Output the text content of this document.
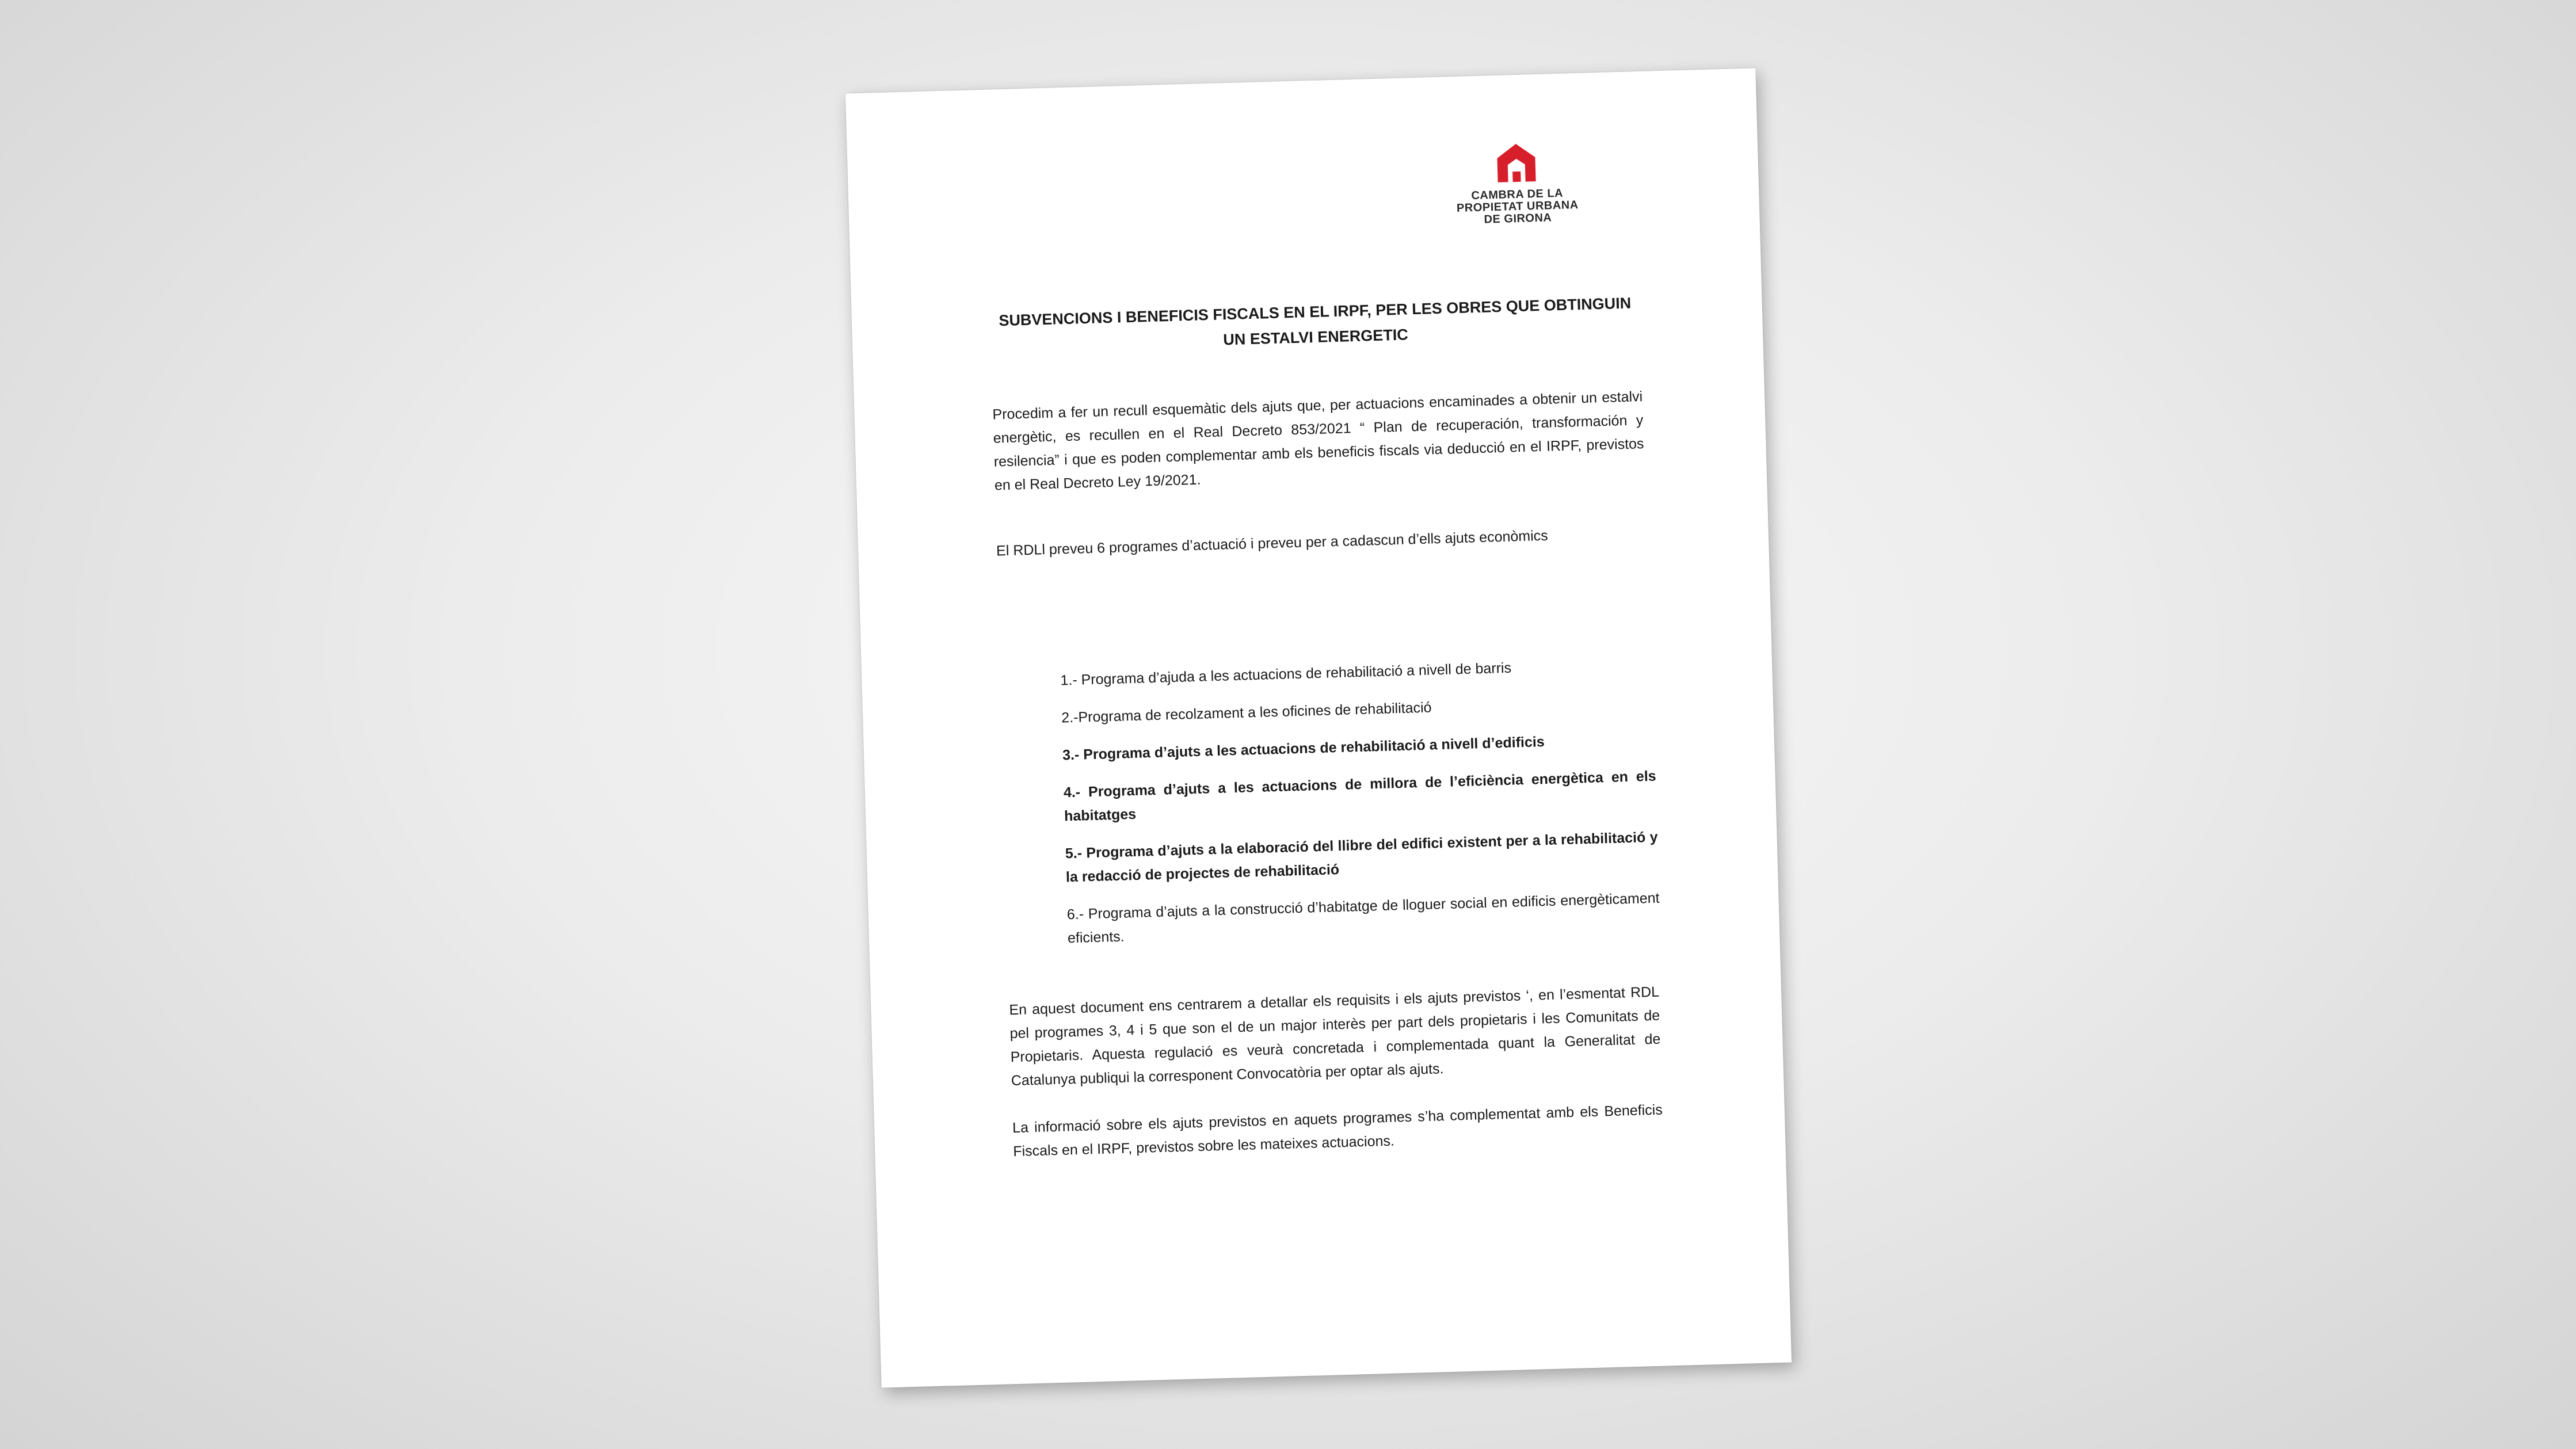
CAMBRA DE LA
PROPIETAT URBANA
DE GIRONA
SUBVENCIONS I BENEFICIS FISCALS EN EL IRPF, PER LES OBRES QUE OBTINGUIN UN ESTALVI ENERGETIC
Procedim a fer un recull esquemàtic dels ajuts que, per actuacions encaminades a obtenir un estalvi energètic, es recullen en el Real Decreto 853/2021 “ Plan de recuperación, transformación y resilencia” i que es poden complementar amb els beneficis fiscals via deducció en el IRPF, previstos en el Real Decreto Ley 19/2021.
El RDLl preveu 6 programes d’actuació i preveu per a cadascun d’ells ajuts econòmics
1.- Programa d’ajuda a les actuacions de rehabilitació a nivell de barris
2.-Programa de recolzament a les oficines de rehabilitació
3.- Programa d’ajuts a les actuacions de rehabilitació a nivell d’edificis
4.- Programa d’ajuts a les actuacions de millora de l’eficiència energètica en els habitatges
5.- Programa d’ajuts a la elaboració del llibre del edifici existent per a la rehabilitació y la redacció de projectes de rehabilitació
6.- Programa d’ajuts a la construcció d’habitatge de lloguer social en edificis energèticament eficients.
En aquest document ens centrarem a detallar els requisits i els ajuts previstos ‘, en l’esmentat RDL pel programes 3, 4 i 5 que son el de un major interès per part dels propietaris i les Comunitats de Propietaris. Aquesta regulació es veurà concretada i complementada quant la Generalitat de Catalunya publiqui la corresponent Convocatòria per optar als ajuts.
La informació sobre els ajuts previstos en aquets programes s’ha complementat amb els Beneficis Fiscals en el IRPF, previstos sobre les mateixes actuacions.
